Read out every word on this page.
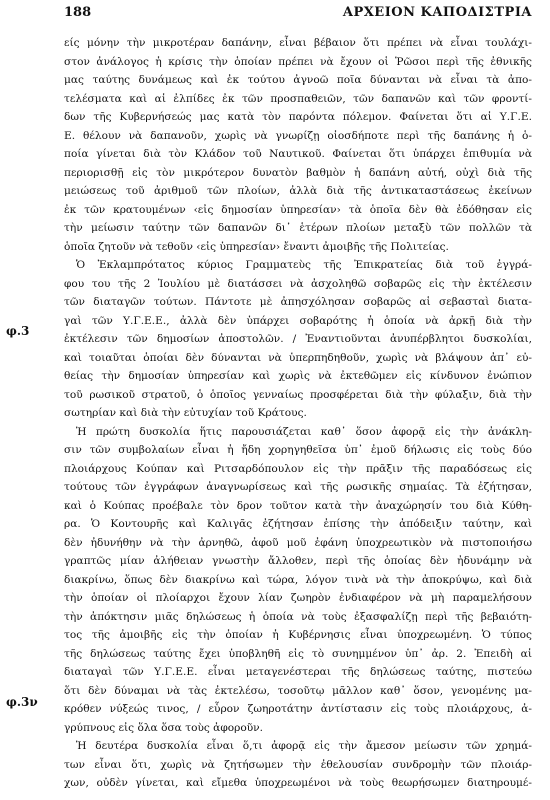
188	ΑΡΧΕΙΟΝ ΚΑΠΟΔΙΣΤΡΙΑ
φ.3
φ.3ν
είς μόνην τὴν μικροτέραν δαπάνην, εἶναι βέβαιον ὅτι πρέπει νὰ εἶναι τουλάχι-
στον ἀνάλογος ἡ κρίσις τὴν ὁποίαν πρέπει νὰ ἔχουν οἱ Ῥῶσοι περὶ τῆς ἐθνικῆς
μας ταύτης δυνάμεως καὶ ἐκ τούτου ἀγνοῶ ποῖα δύνανται νὰ εἶναι τὰ ἀπο-
τελέσματα καὶ αἱ ἐλπίδες ἐκ τῶν προσπαθειῶν, τῶν δαπανῶν καὶ τῶν φροντί-
δων τῆς Κυβερνήσεώς μας κατὰ τὸν παρόντα πόλεμον. Φαίνεται ὅτι αἱ Υ.Γ.Ε.
Ε. θέλουν νὰ δαπανοῦν, χωρὶς νὰ γνωρίζῃ οἱοσδήποτε περὶ τῆς δαπάνης ἡ ὁ-
ποία γίνεται διὰ τὸν Κλάδον τοῦ Ναυτικοῦ. Φαίνεται ὅτι ὑπάρχει ἐπιθυμία νὰ
περιορισθῇ εἰς τὸν μικρότερον δυνατὸν βαθμὸν ἡ δαπάνη αὐτή, οὐχὶ διὰ τῆς
μειώσεως τοῦ ἀριθμοῦ τῶν πλοίων, ἀλλὰ διὰ τῆς ἀντικαταστάσεως ἐκείνων
ἐκ τῶν κρατουμένων ‹εἰς δημοσίαν ὑπηρεσίαν› τὰ ὁποῖα δὲν θὰ ἐδόθησαν εἰς
τὴν μείωσιν ταύτην τῶν δαπανῶν δι᾽ ἑτέρων πλοίων μεταξὺ τῶν πολλῶν τὰ
ὁποῖα ζητοῦν νὰ τεθοῦν ‹εἰς ὑπηρεσίαν› ἔναντι ἀμοιβῆς τῆς Πολιτείας.
Ὁ Ἐκλαμπρότατος κύριος Γραμματεὺς τῆς Ἐπικρατείας διὰ τοῦ ἐγγρά-
φου του τῆς 2 Ἰουλίου μὲ διατάσσει νὰ ἀσχοληθῶ σοβαρῶς εἰς τὴν ἐκτέλεσιν
τῶν διαταγῶν τούτων. Πάντοτε μὲ ἀπησχόλησαν σοβαρῶς αἱ σεβασταὶ διατα-
γαὶ τῶν Υ.Γ.Ε.Ε., ἀλλὰ δὲν ὑπάρχει σοβαρότης ἡ ὁποία νὰ ἀρκῇ διὰ τὴν
ἐκτέλεσιν τῶν δημοσίων ἀποστολῶν. / Ἐναντιοῦνται ἀνυπέρβλητοι δυσκολίαι,
καὶ τοιαῦται ὁποίαι δὲν δύνανται νὰ ὑπερπηδηθοῦν, χωρὶς νὰ βλάψουν ἀπ᾽ εὐ-
θείας τὴν δημοσίαν ὑπηρεσίαν καὶ χωρὶς νὰ ἐκτεθῶμεν εἰς κίνδυνον ἐνώπιον
τοῦ ρωσικοῦ στρατοῦ, ὁ ὁποῖος γενναίως προσφέρεται διὰ τὴν φύλαξιν, διὰ τὴν
σωτηρίαν καὶ διὰ τὴν εὐτυχίαν τοῦ Κράτους.
Ἡ πρώτη δυσκολία ἥτις παρουσιάζεται καθ᾽ ὅσον ἀφορᾷ εἰς τὴν ἀνάκλη-
σιν τῶν συμβολαίων εἶναι ἡ ἤδη χορηγηθεῖσα ὑπ᾽ ἐμοῦ δήλωσις εἰς τοὺς δύο
πλοιάρχους Κούπαν καὶ Ριτσαρδόπουλον εἰς τὴν πρᾶξιν τῆς παραδόσεως εἰς
τούτους τῶν ἐγγράφων ἀναγνωρίσεως καὶ τῆς ρωσικῆς σημαίας. Τὰ ἐζήτησαν,
καὶ ὁ Κούπας προέβαλε τὸν δρον τοῦτον κατὰ τὴν ἀναχώρησίν του διὰ Κύθη-
ρα. Ὁ Κοντουρῆς καὶ Καλιγᾶς ἐζήτησαν ἐπίσης τὴν ἀπόδειξιν ταύτην, καὶ
δὲν ἠδυνήθην νὰ τὴν ἀρνηθῶ, ἀφοῦ μοῦ ἐφάνη ὑποχρεωτικὸν νὰ πιστοποιήσω
γραπτῶς μίαν ἀλήθειαν γνωστὴν ἄλλοθεν, περὶ τῆς ὁποίας δὲν ἠδυνάμην νὰ
διακρίνω, ὅπως δὲν διακρίνω καὶ τώρα, λόγον τινὰ νὰ τὴν ἀποκρύψω, καὶ διὰ
τὴν ὁποίαν οἱ πλοίαρχοι ἔχουν λίαν ζωηρὸν ἐνδιαφέρον νὰ μὴ παραμελήσουν
τὴν ἀπόκτησιν μιᾶς δηλώσεως ἡ ὁποία νὰ τοὺς ἐξασφαλίζῃ περὶ τῆς βεβαιότη-
τος τῆς ἀμοιβῆς εἰς τὴν ὁποίαν ἡ Κυβέρνησις εἶναι ὑποχρεωμένη. Ὁ τύπος
τῆς δηλώσεως ταύτης ἔχει ὑποβληθῆ εἰς τὸ συνημμένον ὑπ᾽ ἀρ. 2. Ἐπειδὴ αἱ
διαταγαὶ τῶν Υ.Γ.Ε.Ε. εἶναι μεταγενέστεραι τῆς δηλώσεως ταύτης, πιστεύω
ὅτι δὲν δύναμαι νὰ τὰς ἐκτελέσω, τοσοῦτῳ μᾶλλον καθ᾽ ὅσον, γενομένης μα-
κρόθεν νύξεώς τινος, / εὗρον ζωηροτάτην ἀντίστασιν εἰς τοὺς πλοιάρχους, ἀ-
γρύπνους εἰς ὅλα ὅσα τοὺς ἀφοροῦν.
Ἡ δευτέρα δυσκολία εἶναι ὅ,τι ἀφορᾷ εἰς τὴν ἄμεσον μείωσιν τῶν χρημά-
των εἶναι ὅτι, χωρὶς νὰ ζητήσωμεν τὴν ἐθελουσίαν συνδρομὴν τῶν πλοιάρ-
χων, οὐδὲν γίνεται, καὶ εἴμεθα ὑποχρεωμένοι νὰ τοὺς θεωρήσωμεν διατηρουμέ-
